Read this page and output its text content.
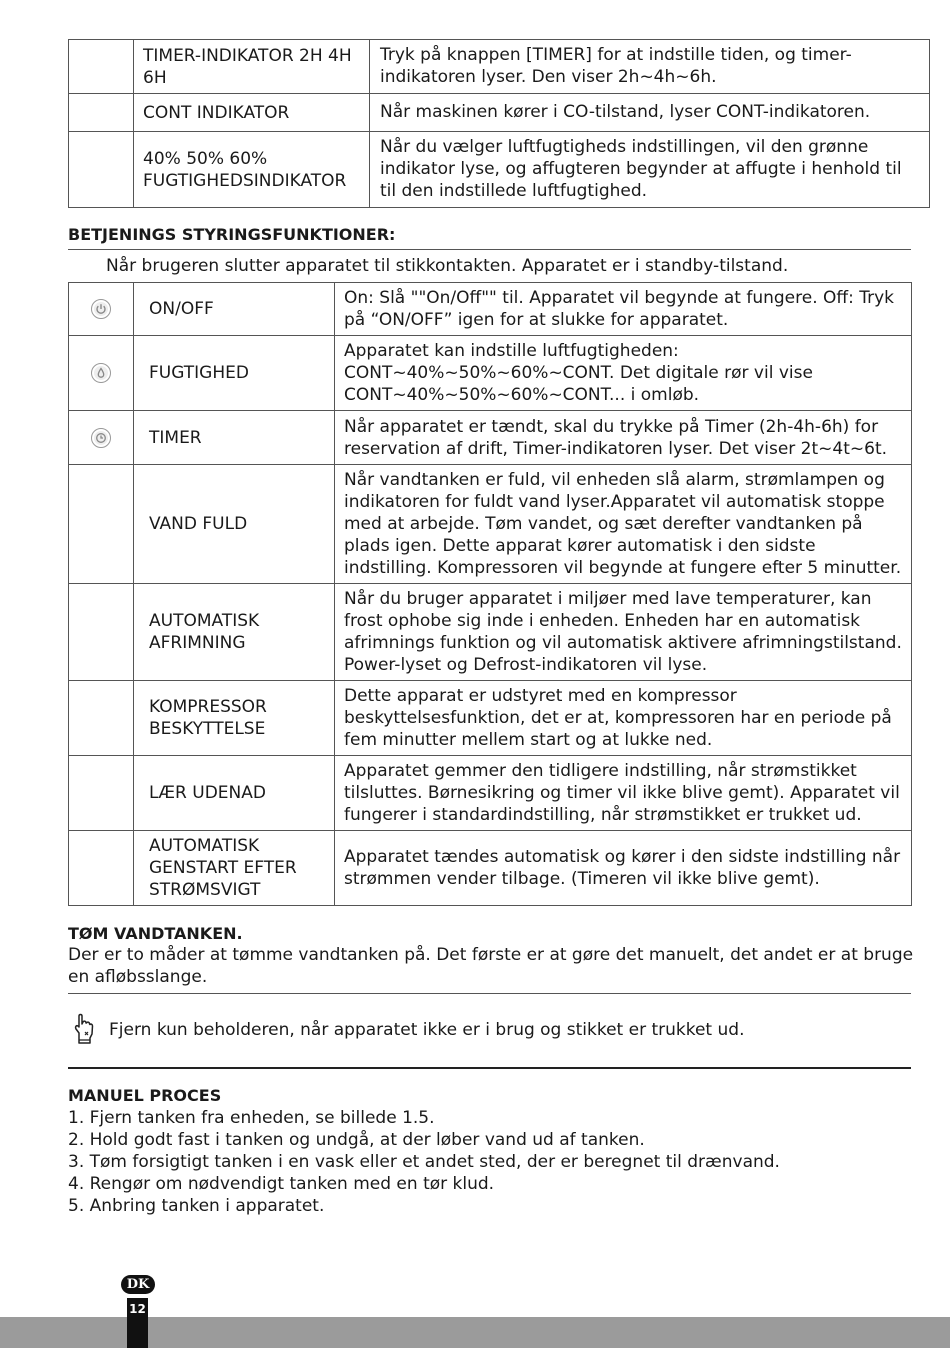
	TIMER-INDIKATOR 2H 4H 6H	Tryk på knappen [TIMER] for at indstille tiden, og timer-indikatoren lyser. Den viser 2h~4h~6h.
	CONT INDIKATOR	Når maskinen kører i CO-tilstand, lyser CONT-indikatoren.
	40% 50% 60% FUGTIGHEDSINDIKATOR	Når du vælger luftfugtigheds indstillingen, vil den grønne indikator lyse, og affugteren begynder at affugte i henhold til til den indstillede luftfugtighed.
BETJENINGS STYRINGSFUNKTIONER:
Når brugeren slutter apparatet til stikkontakten. Apparatet er i standby-tilstand.
	ON/OFF	On: Slå ""On/Off"" til. Apparatet vil begynde at fungere. Off: Tryk på “ON/OFF” igen for at slukke for apparatet.

	FUGTIGHED	Apparatet kan indstille luftfugtigheden: CONT~40%~50%~60%~CONT. Det digitale rør vil vise CONT~40%~50%~60%~CONT... i omløb.

	TIMER	Når apparatet er tændt, skal du trykke på Timer (2h-4h-6h) for reservation af drift, Timer-indikatoren lyser. Det viser 2t~4t~6t.
	VAND FULD	Når vandtanken er fuld, vil enheden slå alarm, strømlampen og indikatoren for fuldt vand lyser.Apparatet vil automatisk stoppe med at arbejde. Tøm vandet, og sæt derefter vandtanken på plads igen. Dette apparat kører automatisk i den sidste indstilling. Kompressoren vil begynde at fungere efter 5 minutter.
	AUTOMATISK AFRIMNING	Når du bruger apparatet i miljøer med lave temperaturer, kan frost ophobe sig inde i enheden. Enheden har en automatisk afrimnings funktion og vil automatisk aktivere afrimningstilstand. Power-lyset og Defrost-indikatoren vil lyse.
	KOMPRESSOR BESKYTTELSE	Dette apparat er udstyret med en kompressor beskyttelsesfunktion, det er at, kompressoren har en periode på fem minutter mellem start og at lukke ned.
	LÆR UDENAD	Apparatet gemmer den tidligere indstilling, når strømstikket tilsluttes. Børnesikring og timer vil ikke blive gemt). Apparatet vil fungerer i standardindstilling, når strømstikket er trukket ud.
	AUTOMATISK GENSTART EFTER STRØMSVIGT	Apparatet tændes automatisk og kører i den sidste indstilling når strømmen vender tilbage. (Timeren vil ikke blive gemt).
TØM VANDTANKEN.
Der er to måder at tømme vandtanken på. Det første er at gøre det manuelt, det andet er at bruge en afløbsslange.
Fjern kun beholderen, når apparatet ikke er i brug og stikket er trukket ud.
MANUEL PROCES
1. Fjern tanken fra enheden, se billede 1.5.
2. Hold godt fast i tanken og undgå, at der løber vand ud af tanken.
3. Tøm forsigtigt tanken i en vask eller et andet sted, der er beregnet til drænvand.
4. Rengør om nødvendigt tanken med en tør klud.
5. Anbring tanken i apparatet.
DK
12
